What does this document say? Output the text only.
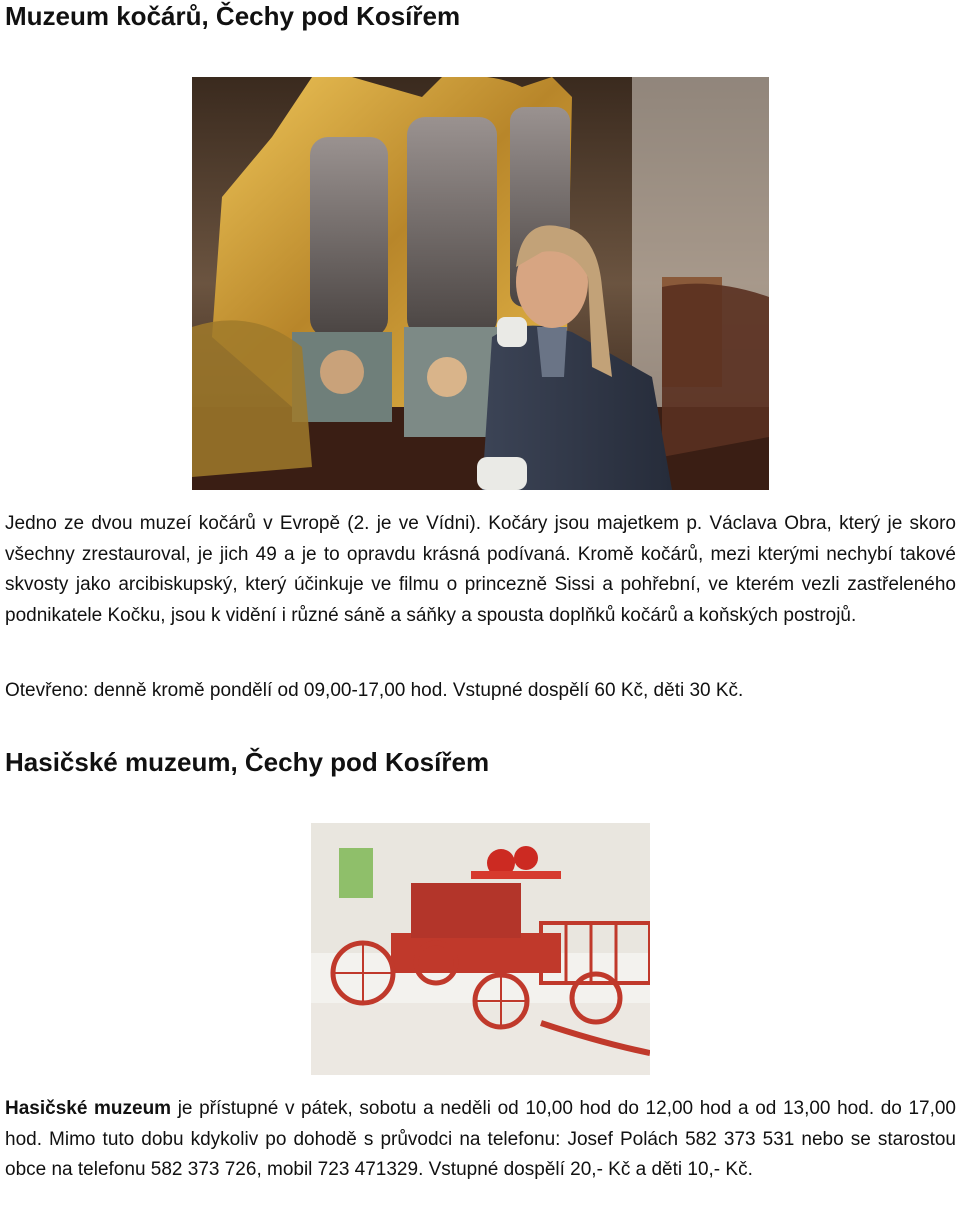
Muzeum kočárů, Čechy pod Kosířem

Jedno ze dvou muzeí kočárů v Evropě (2. je ve Vídni). Kočáry jsou majetkem p. Václava Obra, který je skoro všechny zrestauroval, je jich 49 a je to opravdu krásná podívaná. Kromě kočárů, mezi kterými nechybí takové skvosty jako arcibiskupský, který účinkuje ve filmu o princezně Sissi a pohřební, ve kterém vezli zastřeleného podnikatele Kočku, jsou k vidění i různé sáně a sáňky a spousta doplňků kočárů a koňských postrojů.

Otevřeno: denně kromě pondělí od 09,00-17,00 hod. Vstupné dospělí 60 Kč, děti 30 Kč.

Hasičské muzeum, Čechy pod Kosířem

Hasičské muzeum je přístupné v pátek, sobotu a neděli od 10,00 hod do 12,00 hod a od 13,00 hod. do 17,00 hod. Mimo tuto dobu kdykoliv po dohodě s průvodci na telefonu: Josef Polách 582 373 531 nebo se starostou obce na telefonu 582 373 726, mobil 723 471329. Vstupné dospělí 20,- Kč a děti 10,- Kč.
